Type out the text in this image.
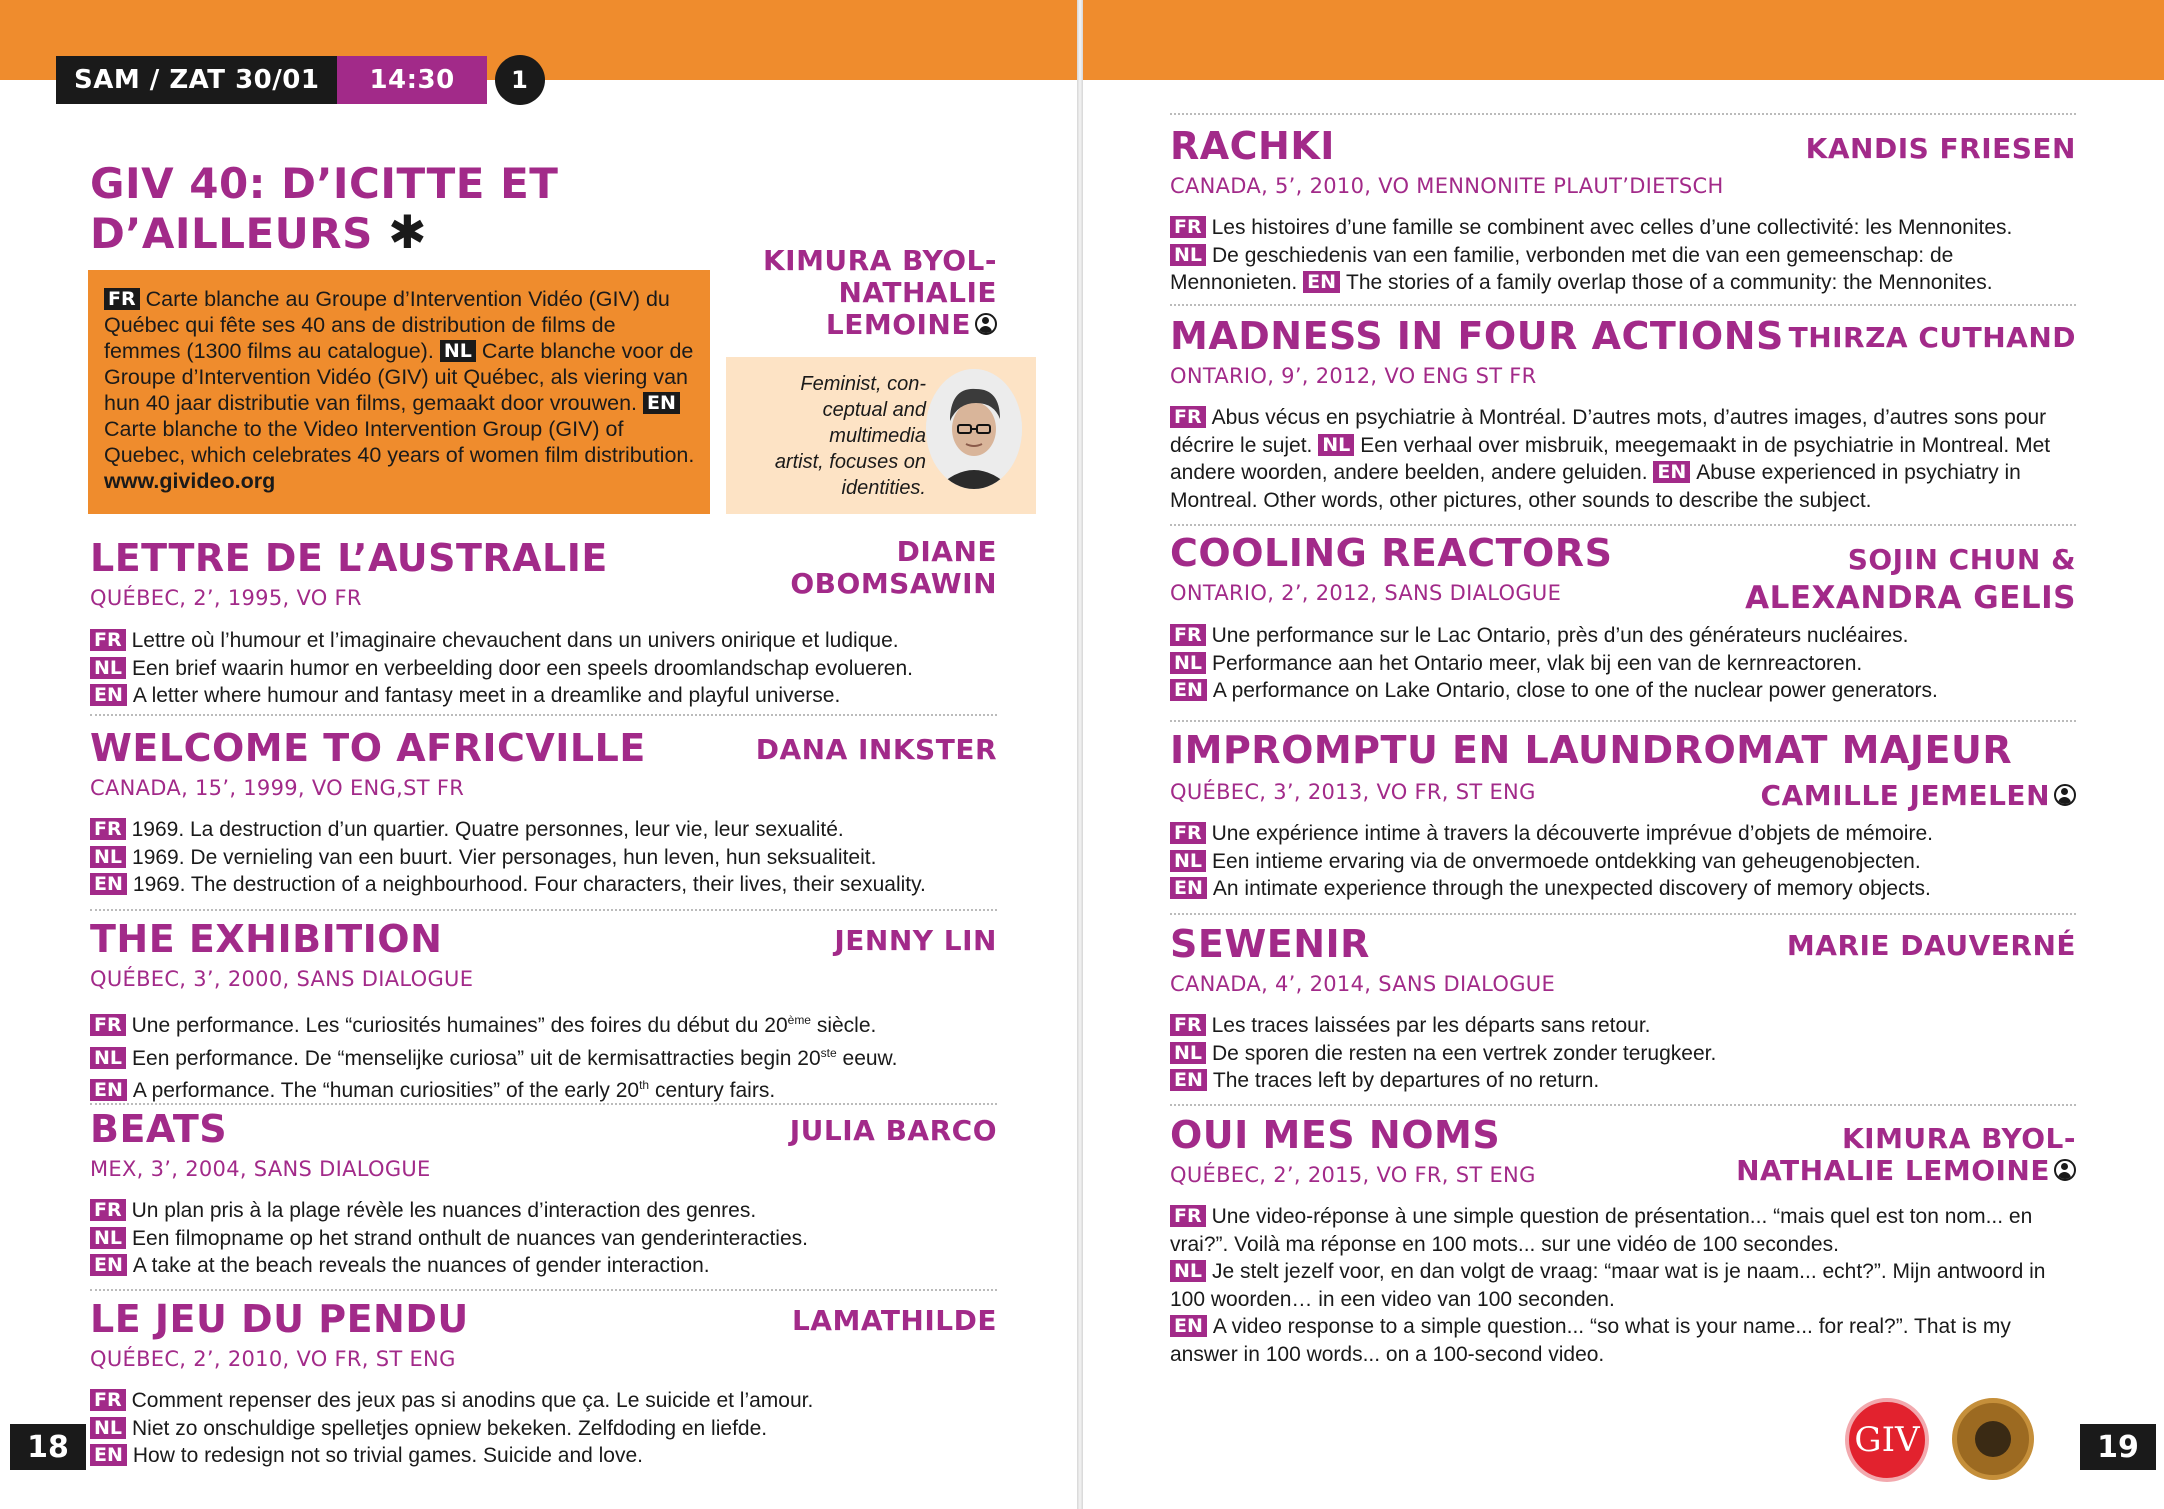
SAM / ZAT
30/01	14:30	1
GIV 40: D’ICITTE ET
D’AILLEURS ✱
FR Carte blanche au Groupe d’Intervention Vidéo (GIV) du Québec qui fête ses 40 ans de distribution de films de femmes (1300 films au catalogue). NL Carte blanche voor de Groupe d’Intervention Vidéo (GIV) uit Québec, als viering van hun 40 jaar distributie van films, gemaakt door vrouwen. ENCarte blanche to the Video Intervention Group (GIV) of Quebec, which celebrates 40 years of women film distribution. www.givideo.org
KIMURA BYOL-
NATHALIE
LEMOINE
Feminist, con-
ceptual and
multimedia
artist, focuses on
identities.
LETTRE DE L’AUSTRALIE	DIANE
OBOMSAWIN
QUÉBEC, 2’, 1995, VO FR
FR Lettre où l’humour et l’imaginaire chevauchent dans un univers onirique et ludique.
NL Een brief waarin humor en verbeelding door een speels droomlandschap evolueren.
EN A letter where humour and fantasy meet in a dreamlike and playful universe.
WELCOME TO AFRICVILLE	DANA INKSTER
CANADA, 15’, 1999, VO ENG,ST FR
FR 1969. La destruction d’un quartier. Quatre personnes, leur vie, leur sexualité.
NL 1969. De vernieling van een buurt. Vier personages, hun leven, hun seksualiteit.
EN 1969. The destruction of a neighbourhood. Four characters, their lives, their sexuality.
THE EXHIBITION	JENNY LIN
QUÉBEC, 3’, 2000, SANS DIALOGUE
FR Une performance. Les “curiosités humaines” des foires du début du 20ème siècle.
NL Een performance. De “menselijke curiosa” uit de kermisattracties begin 20ste eeuw.
EN A performance. The “human curiosities” of the early 20th century fairs.
BEATS	JULIA BARCO
MEX, 3’, 2004, SANS DIALOGUE
FR Un plan pris à la plage révèle les nuances d’interaction des genres.
NL Een filmopname op het strand onthult de nuances van genderinteracties.
EN A take at the beach reveals the nuances of gender interaction.
LE JEU DU PENDU	LAMATHILDE
QUÉBEC, 2’, 2010, VO FR, ST ENG
FR Comment repenser des jeux pas si anodins que ça. Le suicide et l’amour.
NL Niet zo onschuldige spelletjes opniew bekeken. Zelfdoding en liefde.
EN How to redesign not so trivial games. Suicide and love.
18
RACHKI	KANDIS FRIESEN
CANADA, 5’, 2010, VO MENNONITE PLAUT’DIETSCH
FR Les histoires d’une famille se combinent avec celles d’une collectivité: les Mennonites.
NL De geschiedenis van een familie, verbonden met die van een gemeenschap: de Mennonieten. EN The stories of a family overlap those of a community: the Mennonites.
MADNESS IN FOUR ACTIONS THIRZA CUTHAND
ONTARIO, 9’, 2012, VO ENG ST FR
FR Abus vécus en psychiatrie à Montréal. D’autres mots, d’autres images, d’autres sons pour décrire le sujet. NL Een verhaal over misbruik, meegemaakt in de psychiatrie in Montreal. Met andere woorden, andere beelden, andere geluiden. EN Abuse experienced in psychiatry in Montreal. Other words, other pictures, other sounds to describe the subject.
COOLING REACTORS	SOJIN CHUN &
ALEXANDRA GELIS
ONTARIO, 2’, 2012, SANS DIALOGUE
FR Une performance sur le Lac Ontario, près d’un des générateurs nucléaires.
NL Performance aan het Ontario meer, vlak bij een van de kernreactoren.
EN A performance on Lake Ontario, close to one of the nuclear power generators.
IMPROMPTU EN LAUNDROMAT MAJEUR
CAMILLE JEMELEN
QUÉBEC, 3’, 2013, VO FR, ST ENG
FR Une expérience intime à travers la découverte imprévue d’objets de mémoire.
NL Een intieme ervaring via de onvermoede ontdekking van geheugenobjecten.
EN An intimate experience through the unexpected discovery of memory objects.
SEWENIR	MARIE DAUVERNÉ
CANADA, 4’, 2014, SANS DIALOGUE
FR Les traces laissées par les départs sans retour.
NL De sporen die resten na een vertrek zonder terugkeer.
EN The traces left by departures of no return.
OUI MES NOMS	KIMURA BYOL-
NATHALIE LEMOINE
QUÉBEC, 2’, 2015, VO FR, ST ENG
FR Une video-réponse à une simple question de présentation... “mais quel est ton nom... en vrai?”. Voilà ma réponse en 100 mots... sur une vidéo de 100 secondes.
NL Je stelt jezelf voor, en dan volgt de vraag: “maar wat is je naam... echt?”. Mijn antwoord in 100 woorden… in een video van 100 seconden.
EN A video response to a simple question... “so what is your name... for real?”. That is my answer in 100 words... on a 100-second video.
GIV	19
